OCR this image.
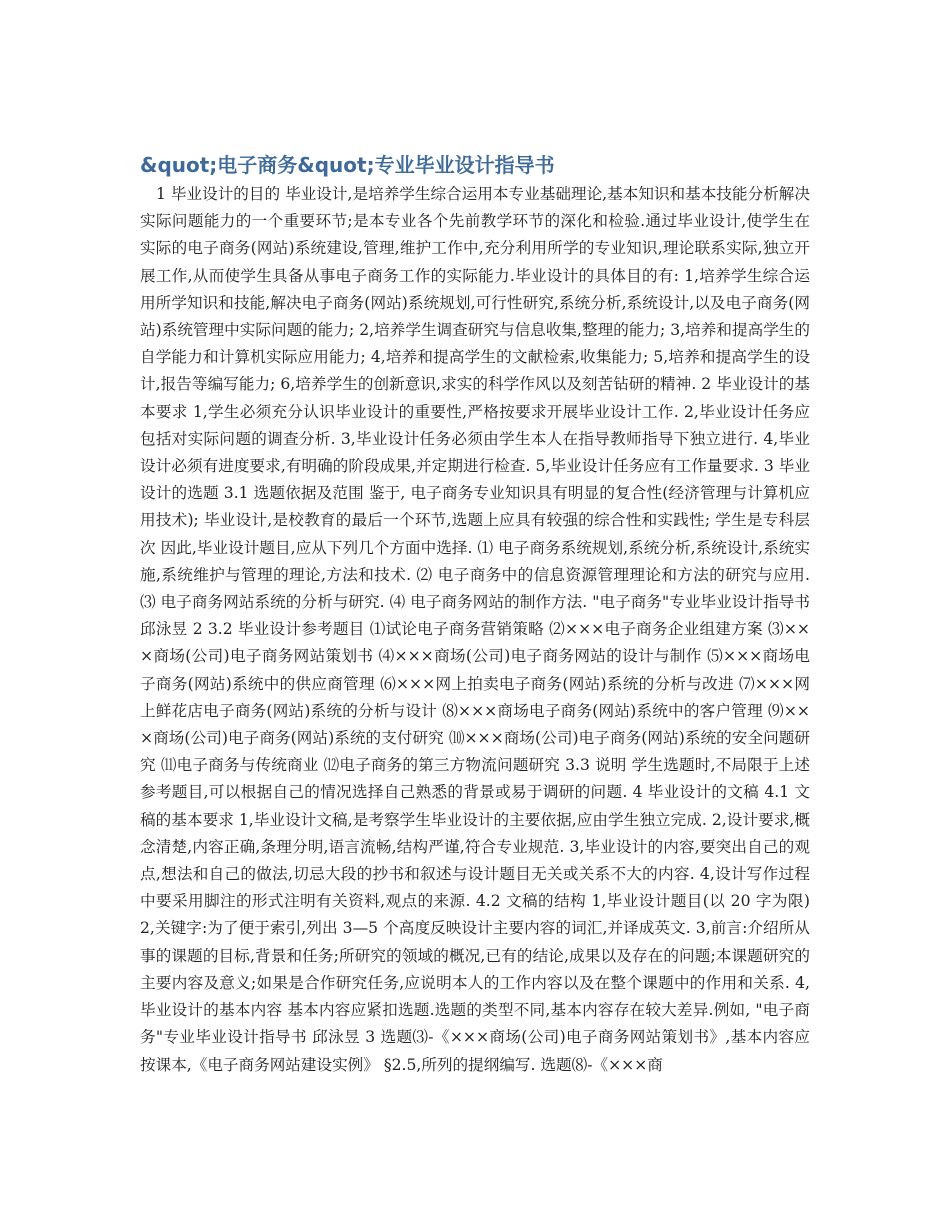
&quot;电子商务&quot;专业毕业设计指导书

1 毕业设计的目的 毕业设计,是培养学生综合运用本专业基础理论,基本知识和基本技能分析解决实际问题能力的一个重要环节;是本专业各个先前教学环节的深化和检验.通过毕业设计,使学生在实际的电子商务(网站)系统建设,管理,维护工作中,充分利用所学的专业知识,理论联系实际,独立开展工作,从而使学生具备从事电子商务工作的实际能力.毕业设计的具体目的有: 1,培养学生综合运用所学知识和技能,解决电子商务(网站)系统规划,可行性研究,系统分析,系统设计,以及电子商务(网站)系统管理中实际问题的能力; 2,培养学生调查研究与信息收集,整理的能力; 3,培养和提高学生的自学能力和计算机实际应用能力; 4,培养和提高学生的文献检索,收集能力; 5,培养和提高学生的设计,报告等编写能力; 6,培养学生的创新意识,求实的科学作风以及刻苦钻研的精神. 2 毕业设计的基本要求 1,学生必须充分认识毕业设计的重要性,严格按要求开展毕业设计工作. 2,毕业设计任务应包括对实际问题的调查分析. 3,毕业设计任务必须由学生本人在指导教师指导下独立进行. 4,毕业设计必须有进度要求,有明确的阶段成果,并定期进行检查. 5,毕业设计任务应有工作量要求. 3 毕业设计的选题 3.1 选题依据及范围 鉴于, 电子商务专业知识具有明显的复合性(经济管理与计算机应用技术); 毕业设计,是校教育的最后一个环节,选题上应具有较强的综合性和实践性; 学生是专科层次 因此,毕业设计题目,应从下列几个方面中选择. ⑴ 电子商务系统规划,系统分析,系统设计,系统实施,系统维护与管理的理论,方法和技术. ⑵ 电子商务中的信息资源管理理论和方法的研究与应用. ⑶ 电子商务网站系统的分析与研究. ⑷ 电子商务网站的制作方法. "电子商务"专业毕业设计指导书 邱泳昱 2 3.2 毕业设计参考题目 ⑴试论电子商务营销策略 ⑵×××电子商务企业组建方案 ⑶×××商场(公司)电子商务网站策划书 ⑷×××商场(公司)电子商务网站的设计与制作 ⑸×××商场电子商务(网站)系统中的供应商管理 ⑹×××网上拍卖电子商务(网站)系统的分析与改进 ⑺×××网上鲜花店电子商务(网站)系统的分析与设计 ⑻×××商场电子商务(网站)系统中的客户管理 ⑼×××商场(公司)电子商务(网站)系统的支付研究 ⑽×××商场(公司)电子商务(网站)系统的安全问题研究 ⑾电子商务与传统商业 ⑿电子商务的第三方物流问题研究 3.3 说明 学生选题时,不局限于上述参考题目,可以根据自己的情况选择自己熟悉的背景或易于调研的问题. 4 毕业设计的文稿 4.1 文稿的基本要求 1,毕业设计文稿,是考察学生毕业设计的主要依据,应由学生独立完成. 2,设计要求,概念清楚,内容正确,条理分明,语言流畅,结构严谨,符合专业规范. 3,毕业设计的内容,要突出自己的观点,想法和自己的做法,切忌大段的抄书和叙述与设计题目无关或关系不大的内容. 4,设计写作过程中要采用脚注的形式注明有关资料,观点的来源. 4.2 文稿的结构 1,毕业设计题目(以 20 字为限) 2,关键字:为了便于索引,列出 3—5 个高度反映设计主要内容的词汇,并译成英文. 3,前言:介绍所从事的课题的目标,背景和任务;所研究的领域的概况,已有的结论,成果以及存在的问题;本课题研究的主要内容及意义;如果是合作研究任务,应说明本人的工作内容以及在整个课题中的作用和关系. 4,毕业设计的基本内容 基本内容应紧扣选题.选题的类型不同,基本内容存在较大差异.例如, "电子商务"专业毕业设计指导书 邱泳昱 3 选题⑶-《×××商场(公司)电子商务网站策划书》,基本内容应按课本,《电子商务网站建设实例》 §2.5,所列的提纲编写. 选题⑻-《×××商
